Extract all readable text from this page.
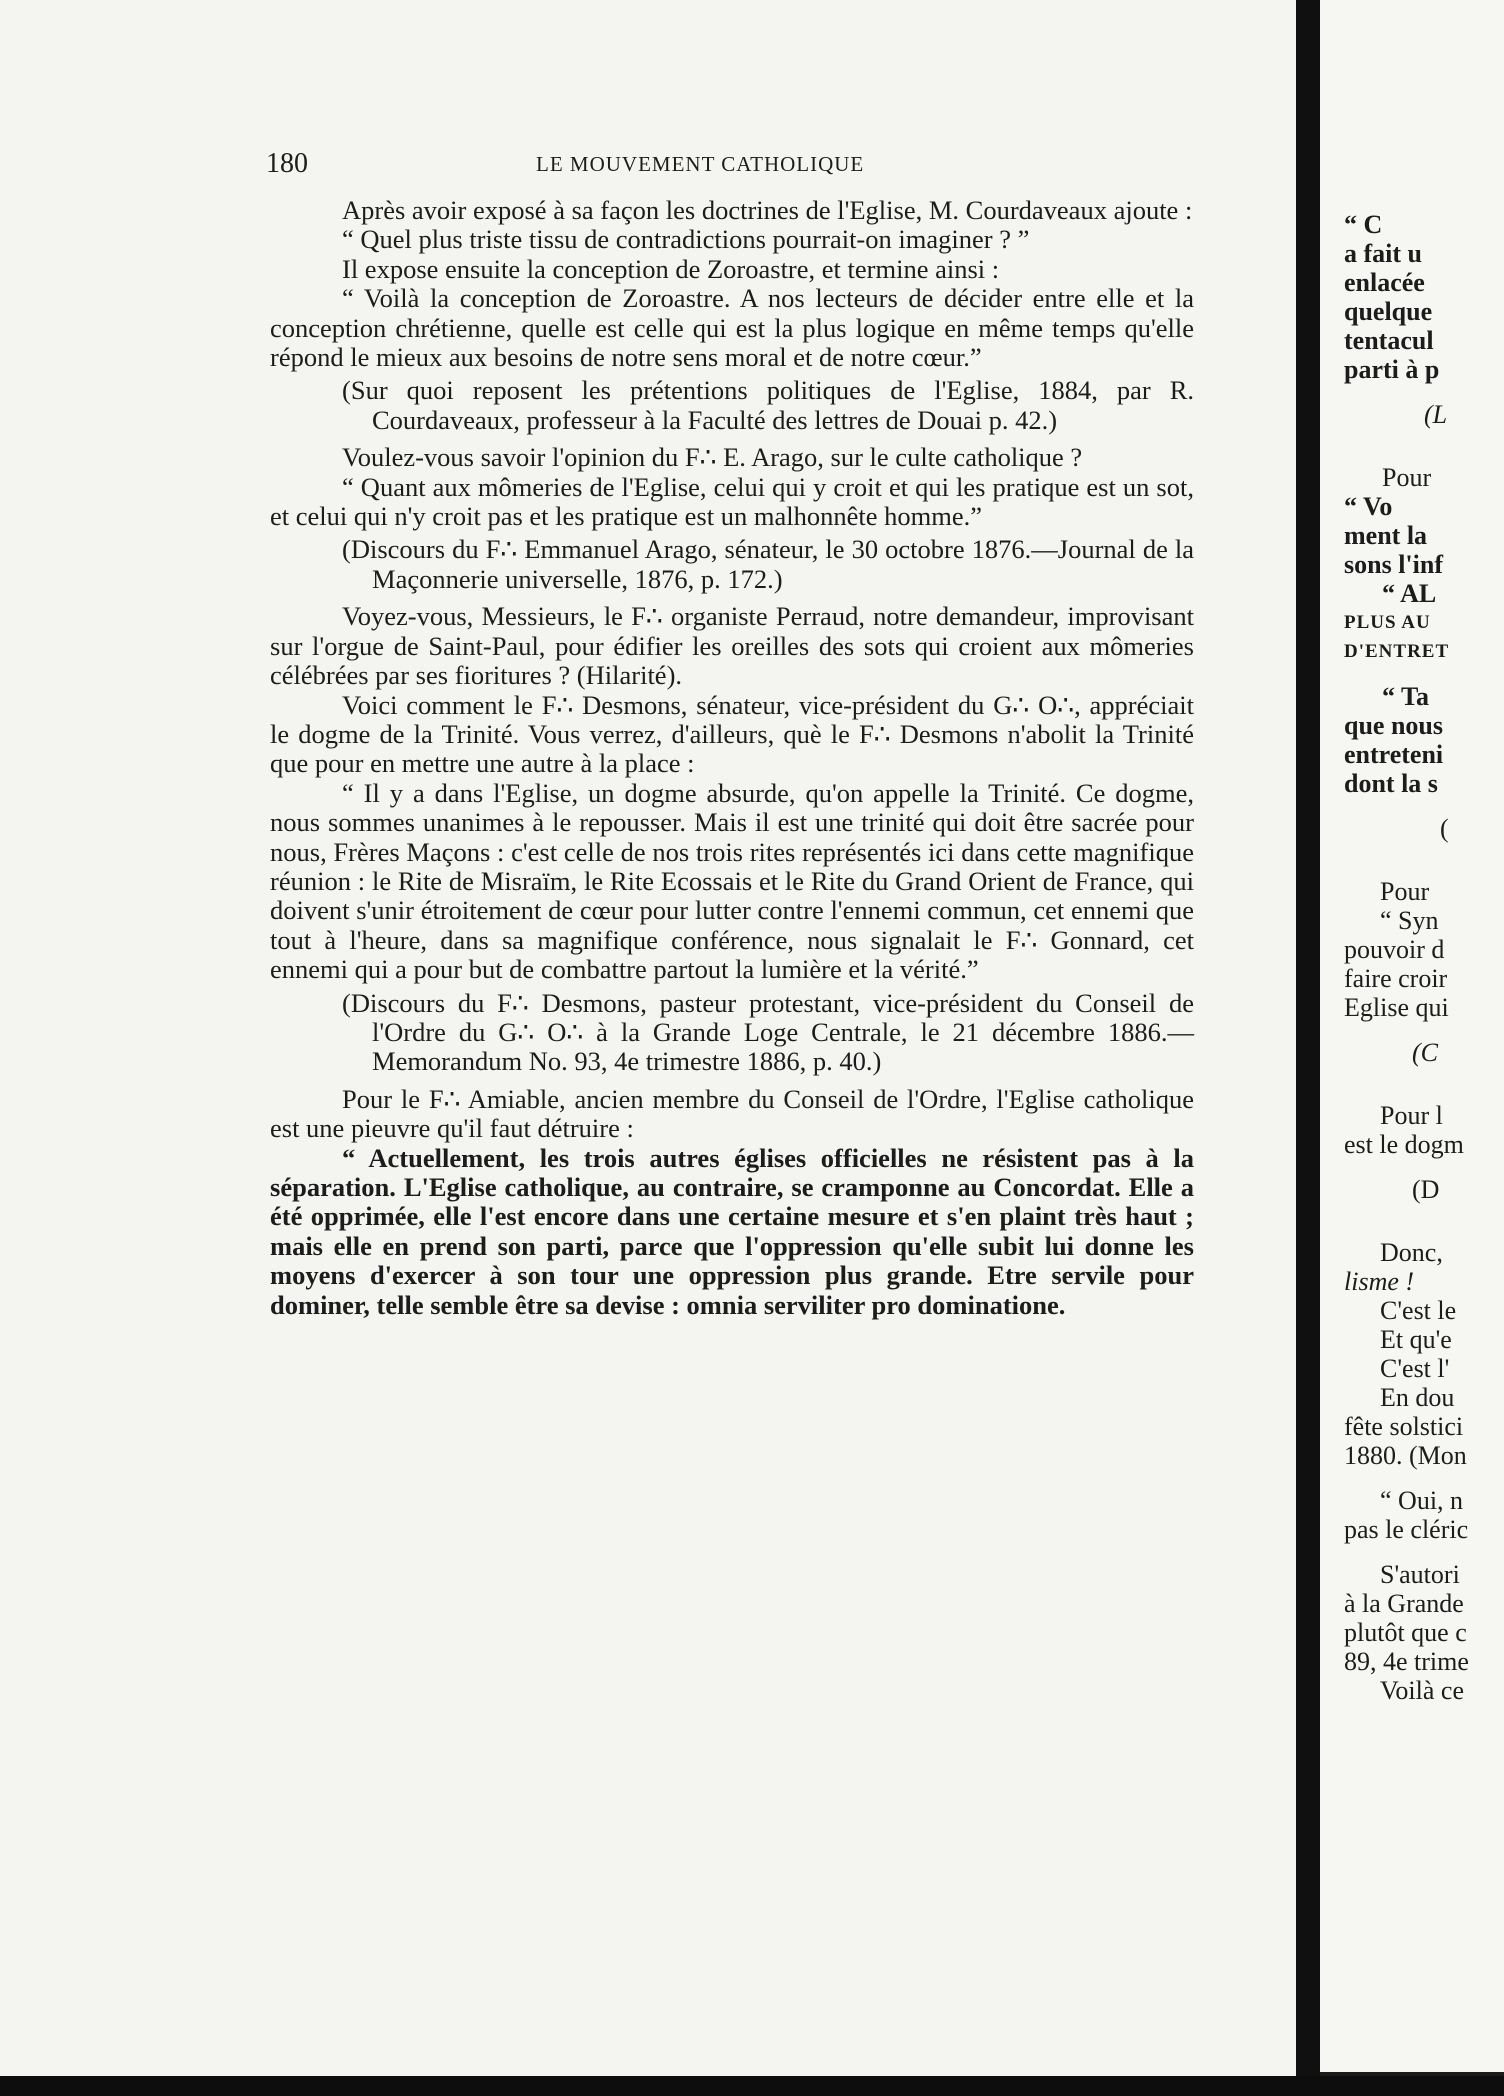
180	LE MOUVEMENT CATHOLIQUE

Après avoir exposé à sa façon les doctrines de l'Eglise, M. Courdaveaux ajoute :

“ Quel plus triste tissu de contradictions pourrait-on imaginer ? ”

Il expose ensuite la conception de Zoroastre, et termine ainsi :

“ Voilà la conception de Zoroastre. A nos lecteurs de décider entre elle et la conception chrétienne, quelle est celle qui est la plus logique en même temps qu'elle répond le mieux aux besoins de notre sens moral et de notre cœur.”

(Sur quoi reposent les prétentions politiques de l'Eglise, 1884, par R. Courdaveaux, professeur à la Faculté des lettres de Douai p. 42.)

Voulez-vous savoir l'opinion du F∴ E. Arago, sur le culte catholique ?

“ Quant aux mômeries de l'Eglise, celui qui y croit et qui les pratique est un sot, et celui qui n'y croit pas et les pratique est un malhonnête homme.”

(Discours du F∴ Emmanuel Arago, sénateur, le 30 octobre 1876.—Journal de la Maçonnerie universelle, 1876, p. 172.)

Voyez-vous, Messieurs, le F∴ organiste Perraud, notre demandeur, improvisant sur l'orgue de Saint-Paul, pour édifier les oreilles des sots qui croient aux mômeries célébrées par ses fioritures ? (Hilarité).

Voici comment le F∴ Desmons, sénateur, vice-président du G∴ O∴, appréciait le dogme de la Trinité. Vous verrez, d'ailleurs, què le F∴ Desmons n'abolit la Trinité que pour en mettre une autre à la place :

“ Il y a dans l'Eglise, un dogme absurde, qu'on appelle la Trinité. Ce dogme, nous sommes unanimes à le repousser. Mais il est une trinité qui doit être sacrée pour nous, Frères Maçons : c'est celle de nos trois rites représentés ici dans cette magnifique réunion : le Rite de Misraïm, le Rite Ecossais et le Rite du Grand Orient de France, qui doivent s'unir étroitement de cœur pour lutter contre l'ennemi commun, cet ennemi que tout à l'heure, dans sa magnifique conférence, nous signalait le F∴ Gonnard, cet ennemi qui a pour but de combattre partout la lumière et la vérité.”

(Discours du F∴ Desmons, pasteur protestant, vice-président du Conseil de l'Ordre du G∴ O∴ à la Grande Loge Centrale, le 21 décembre 1886.—Memorandum No. 93, 4e trimestre 1886, p. 40.)

Pour le F∴ Amiable, ancien membre du Conseil de l'Ordre, l'Eglise catholique est une pieuvre qu'il faut détruire :

“ Actuellement, les trois autres églises officielles ne résistent pas à la séparation. L'Eglise catholique, au contraire, se cramponne au Concordat. Elle a été opprimée, elle l'est encore dans une certaine mesure et s'en plaint très haut ; mais elle en prend son parti, parce que l'oppression qu'elle subit lui donne les moyens d'exercer à son tour une oppression plus grande. Etre servile pour dominer, telle semble être sa devise : omnia serviliter pro dominatione.

“ C
a fait u
enlacée
quelque
tentacul
parti à p
(L
Pour
“ Vo
ment la
sons l'inf
“ AL
PLUS AU
D'ENTRET
“ Ta
que nous
entreteni
dont la s
(
Pour
“ Syn
pouvoir d
faire croir
Eglise qui
(C
Pour l
est le dogm
(D
Donc,
lisme !
C'est le
Et qu'e
C'est l'
En dou
fête solstici
1880. (Mon
“ Oui, n
pas le cléric
S'autori
à la Grande
plutôt que c
89, 4e trime
Voilà ce
